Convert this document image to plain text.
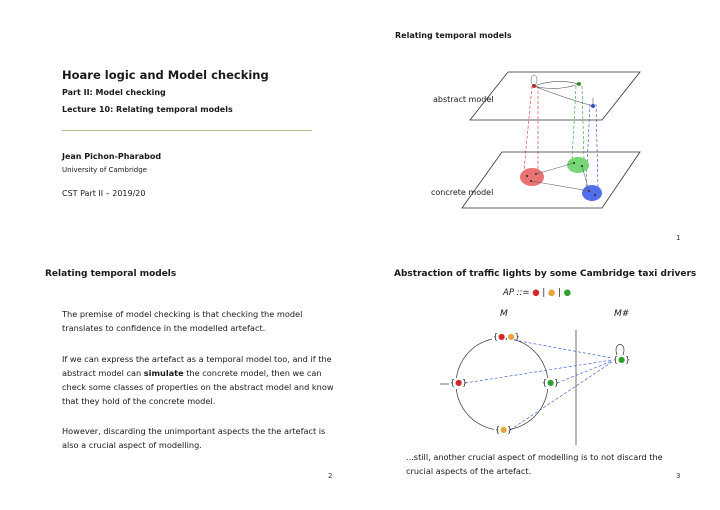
Relating temporal models
Hoare logic and Model checking
Part II: Model checking
Lecture 10: Relating temporal models
Jean Pichon-Pharabod
University of Cambridge
CST Part II – 2019/20
abstract model
concrete model
1
Relating temporal models
The premise of model checking is that checking the model
translates to confidence in the modelled artefact.
If we can express the artefact as a temporal model too, and if the
abstract model can simulate the concrete model, then we can
check some classes of properties on the abstract model and know
that they hold of the concrete model.
However, discarding the unimportant aspects the the artefact is
also a crucial aspect of modelling.
2
Abstraction of traffic lights by some Cambridge taxi drivers
AP ::= ● | ● | ●
M	M#
{●,●}
{●}	{●}
{●}
{●}
...still, another crucial aspect of modelling is to not discard the
crucial aspects of the artefact.	3
